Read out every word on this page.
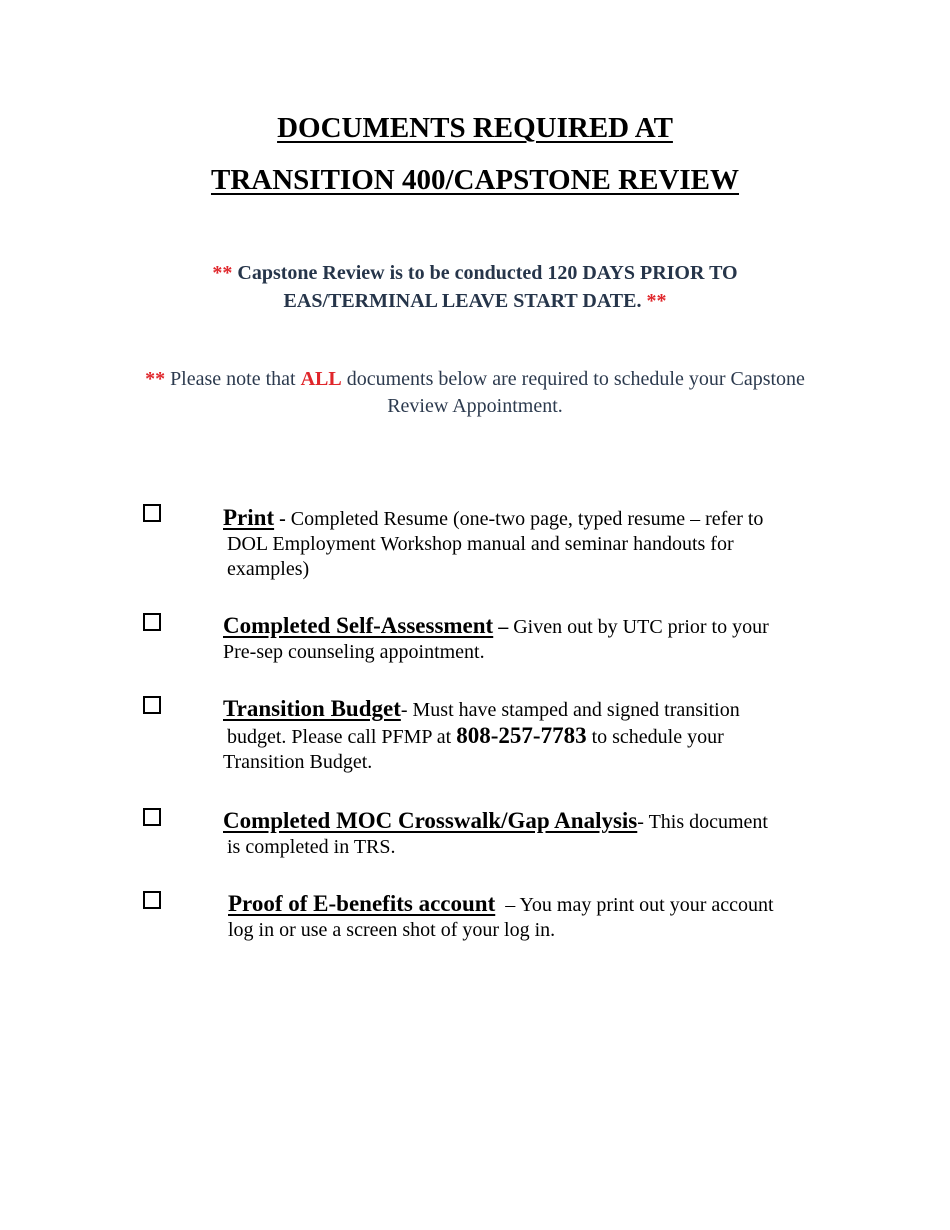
DOCUMENTS REQUIRED AT
TRANSITION 400/CAPSTONE REVIEW
** Capstone Review is to be conducted 120 DAYS PRIOR TO
EAS/TERMINAL LEAVE START DATE. **
** Please note that ALL documents below are required to schedule your Capstone
Review Appointment.
Print - Completed Resume (one-two page, typed resume – refer to
DOL Employment Workshop manual and seminar handouts for
examples)
Completed Self-Assessment – Given out by UTC prior to your
Pre-sep counseling appointment.
Transition Budget- Must have stamped and signed transition
budget. Please call PFMP at 808-257-7783 to schedule your
Transition Budget.
Completed MOC Crosswalk/Gap Analysis- This document
is completed in TRS.
Proof of E-benefits account – You may print out your account
log in or use a screen shot of your log in.
